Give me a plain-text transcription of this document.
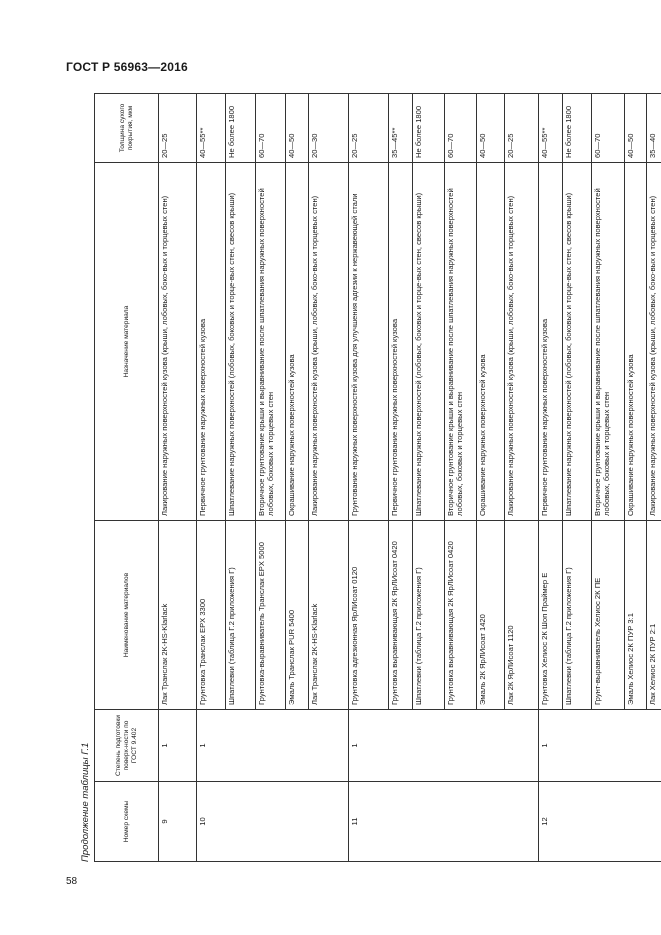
ГОСТ Р 56963—2016
Продолжение таблицы Г.1	Номер схемы	Степень подготовки поверх-ности по ГОСТ 9.402	Наименование материалов	Назначение материала	Толщина сухого покрытия, мкм
9	1	Лак Транслак 2K-HS-Klarlack	Лакирование наружных поверхностей кузова (крыши, лобовых, боко-вых и торцевых стен)	20—25
10	1	Грунтовка Транслак EPX 3300	Первичное грунтование наружных поверхностей кузова	40—55**
		Шпатлевки (таблица Г.2 приложения Г)	Шпатлевание наружных поверхностей (лобовых, боковых и торце-вых стен, свесов крыши)	Не более 1800
		Грунтовка-выравниватель Транслак EPX 5000	Вторичное грунтование крыши и выравнивание после шпатлевания наружных поверхностей лобовых, боковых и торцевых стен	60—70
		Эмаль Транслак PUR 5400	Окрашивание наружных поверхностей кузова	40—50
		Лак Транслак 2K-HS-Klarlack	Лакирование наружных поверхностей кузова (крыши, лобовых, боко-вых и торцевых стен)	20—30
11	1	Грунтовка адгезионная ЯрЛИсоат 0120	Грунтование наружных поверхностей кузова для улучшения адгезии к нержавеющей стали	20—25
		Грунтовка выравнивающая 2К ЯрЛИсоат 0420	Первичное грунтование наружных поверхностей кузова	35—45**
		Шпатлевки (таблица Г.2 приложения Г)	Шпатлевание наружных поверхностей (лобовых, боковых и торце-вых стен, свесов крыши)	Не более 1800
		Грунтовка выравнивающая 2К ЯрЛИсоат 0420	Вторичное грунтование крыши и выравнивание после шпатлевания наружных поверхностей лобовых, боковых и торцевых стен	60—70
		Эмаль 2К ЯрЛИсоат 1420	Окрашивание наружных поверхностей кузова	40—50
		Лак 2К ЯрЛИсоат 1120	Лакирование наружных поверхностей кузова (крыши, лобовых, боко-вых и торцевых стен)	20—25
12	1	Грунтовка Хелиос 2К Шоп Праймер Е	Первичное грунтование наружных поверхностей кузова	40—55**
		Шпатлевки (таблица Г.2 приложения Г)	Шпатлевание наружных поверхностей (лобовых, боковых и торце-вых стен, свесов крыши)	Не более 1800
		Грунт-выравниватель Хелиос 2К ПЕ	Вторичное грунтование крыши и выравнивание после шпатлевания наружных поверхностей лобовых, боковых и торцевых стен	60—70
		Эмаль Хелиос 2К ПУР 3:1	Окрашивание наружных поверхностей кузова	40—50
		Лак Хелиос 2К ПУР 2:1	Лакирование наружных поверхностей кузова (крыши, лобовых, боко-вых и торцевых стен)	35—40
58
